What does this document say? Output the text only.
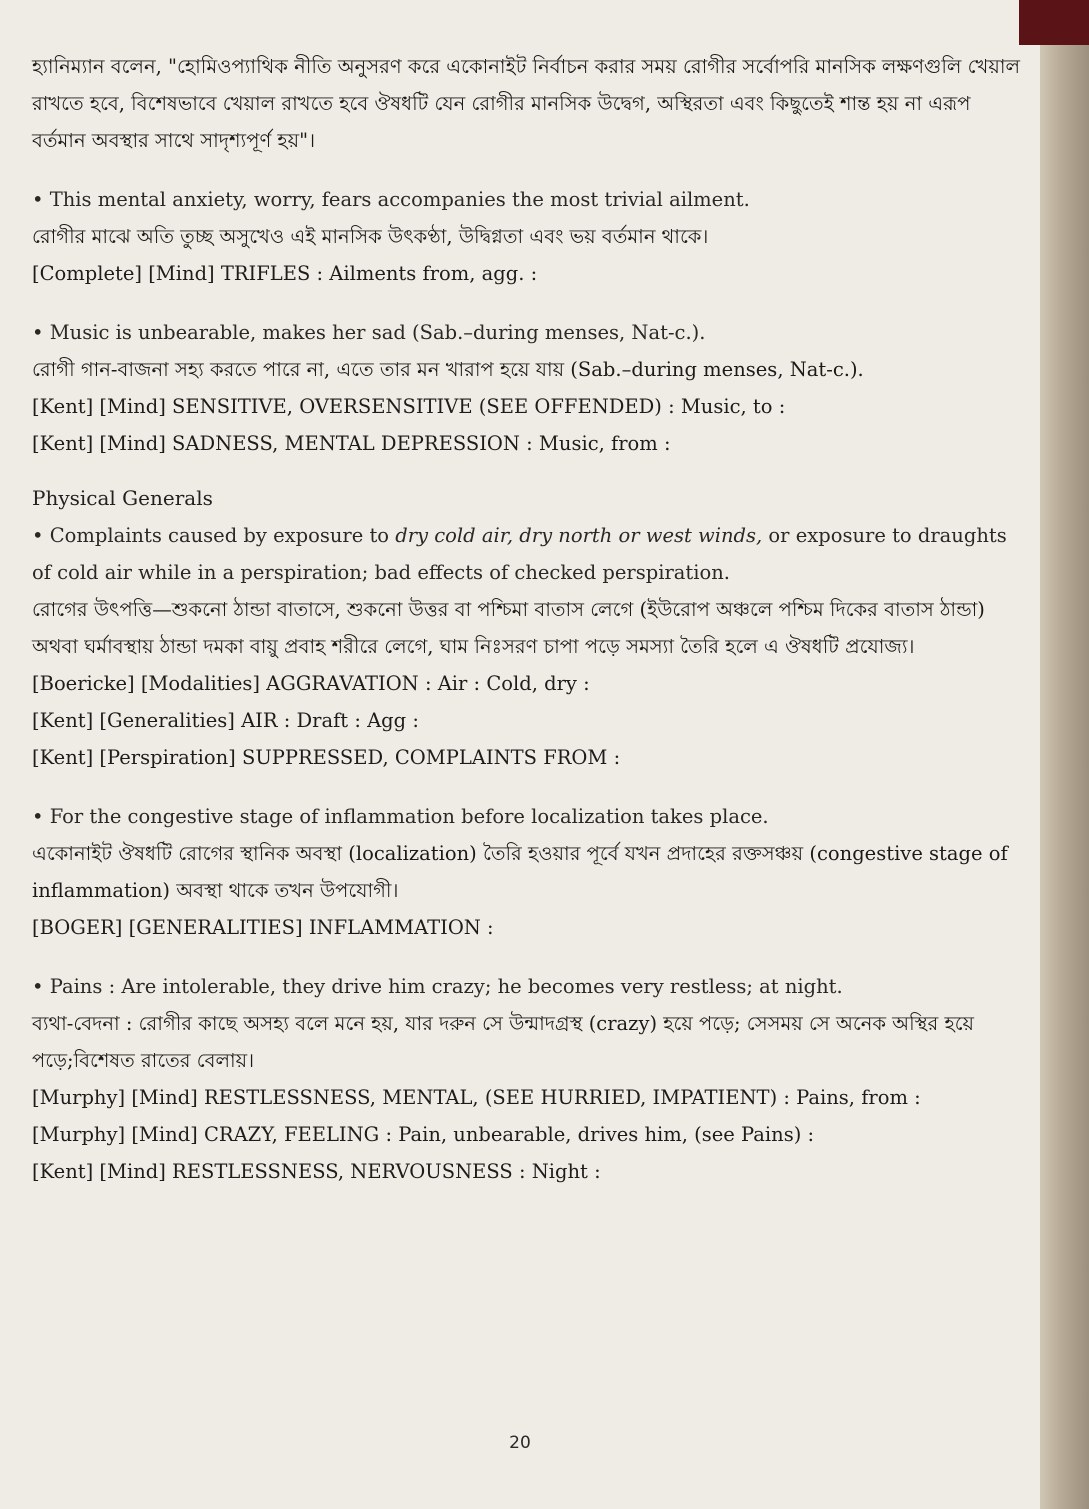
হ্যানিম্যান বলেন, "হোমিওপ্যাথিক নীতি অনুসরণ করে একোনাইট নির্বাচন করার সময় রোগীর সর্বোপরি মানসিক লক্ষণগুলি খেয়াল রাখতে হবে, বিশেষভাবে খেয়াল রাখতে হবে ঔষধটি যেন রোগীর মানসিক উদ্বেগ, অস্থিরতা এবং কিছুতেই শান্ত হয় না এরূপ বর্তমান অবস্থার সাথে সাদৃশ্যপূর্ণ হয়"।

• This mental anxiety, worry, fears accompanies the most trivial ailment.

রোগীর মাঝে অতি তুচ্ছ অসুখেও এই মানসিক উৎকণ্ঠা, উদ্বিগ্নতা এবং ভয় বর্তমান থাকে।

[Complete] [Mind] TRIFLES : Ailments from, agg. :

• Music is unbearable, makes her sad (Sab.–during menses, Nat-c.).

রোগী গান-বাজনা সহ্য করতে পারে না, এতে তার মন খারাপ হয়ে যায় (Sab.–during menses, Nat-c.).

[Kent] [Mind] SENSITIVE, OVERSENSITIVE (SEE OFFENDED) : Music, to :

[Kent] [Mind] SADNESS, MENTAL DEPRESSION : Music, from :

Physical Generals

• Complaints caused by exposure to dry cold air, dry north or west winds, or exposure to draughts of cold air while in a perspiration; bad effects of checked perspiration.

রোগের উৎপত্তি—শুকনো ঠান্ডা বাতাসে, শুকনো উত্তর বা পশ্চিমা বাতাস লেগে (ইউরোপ অঞ্চলে পশ্চিম দিকের বাতাস ঠান্ডা) অথবা ঘর্মাবস্থায় ঠান্ডা দমকা বায়ু প্রবাহ শরীরে লেগে, ঘাম নিঃসরণ চাপা পড়ে সমস্যা তৈরি হলে এ ঔষধটি প্রযোজ্য।

[Boericke] [Modalities] AGGRAVATION : Air : Cold, dry :

[Kent] [Generalities] AIR : Draft : Agg :

[Kent] [Perspiration] SUPPRESSED, COMPLAINTS FROM :

• For the congestive stage of inflammation before localization takes place.

একোনাইট ঔষধটি রোগের স্থানিক অবস্থা (localization) তৈরি হওয়ার পূর্বে যখন প্রদাহের রক্তসঞ্চয় (congestive stage of inflammation) অবস্থা থাকে তখন উপযোগী।

[BOGER] [GENERALITIES] INFLAMMATION :

• Pains : Are intolerable, they drive him crazy; he becomes very restless; at night.

ব্যথা-বেদনা : রোগীর কাছে অসহ্য বলে মনে হয়, যার দরুন সে উন্মাদগ্রস্থ (crazy) হয়ে পড়ে; সেসময় সে অনেক অস্থির হয়ে পড়ে;বিশেষত রাতের বেলায়।

[Murphy] [Mind] RESTLESSNESS, MENTAL, (SEE HURRIED, IMPATIENT) : Pains, from :

[Murphy] [Mind] CRAZY, FEELING : Pain, unbearable, drives him, (see Pains) :

[Kent] [Mind] RESTLESSNESS, NERVOUSNESS : Night :

20
